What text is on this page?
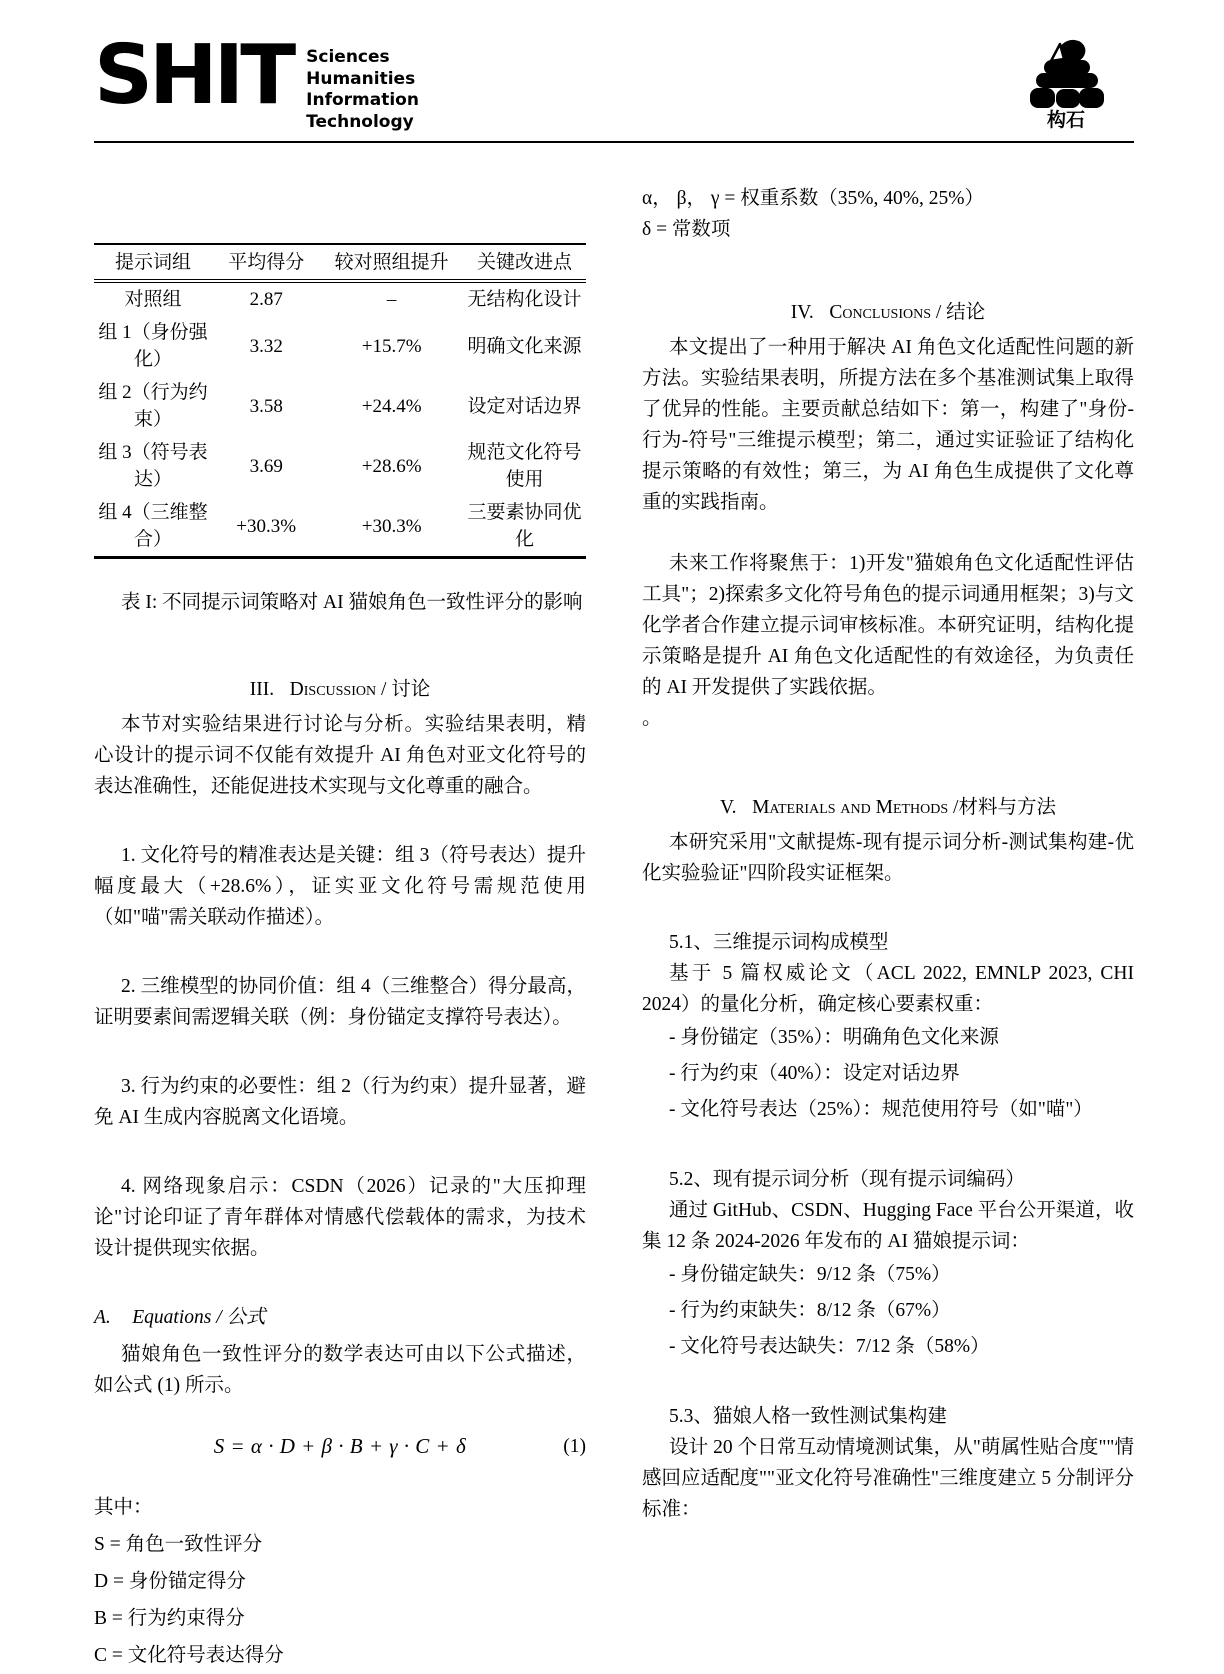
SHIT Sciences
Humanities
Information
Technology	构石
提示词组	平均得分	较对照组提升	关键改进点
对照组	2.87	–	无结构化设计
组 1（身份强化）	3.32	+15.7%	明确文化来源
组 2（行为约束）	3.58	+24.4%	设定对话边界
组 3（符号表达）	3.69	+28.6%	规范文化符号使用
组 4（三维整合）	+30.3%	+30.3%	三要素协同优化
表 I: 不同提示词策略对 AI 猫娘角色一致性评分的影响
III. Discussion / 讨论

本节对实验结果进行讨论与分析。实验结果表明，精心设计的提示词不仅能有效提升 AI 角色对亚文化符号的表达准确性，还能促进技术实现与文化尊重的融合。

1. 文化符号的精准表达是关键：组 3（符号表达）提升幅度最大（+28.6%），证实亚文化符号需规范使用（如"喵"需关联动作描述）。
2. 三维模型的协同价值：组 4（三维整合）得分最高，证明要素间需逻辑关联（例：身份锚定支撑符号表达）。
3. 行为约束的必要性：组 2（行为约束）提升显著，避免 AI 生成内容脱离文化语境。
4. 网络现象启示：CSDN（2026）记录的"大压抑理论"讨论印证了青年群体对情感代偿载体的需求，为技术设计提供现实依据。
A. Equations / 公式

猫娘角色一致性评分的数学表达可由以下公式描述，如公式 (1) 所示。

S = α · D + β · B + γ · C + δ	(1)
其中：
S = 角色一致性评分
D = 身份锚定得分
B = 行为约束得分
C = 文化符号表达得分
α， β， γ = 权重系数（35%, 40%, 25%）
δ = 常数项
IV. Conclusions / 结论

本文提出了一种用于解决 AI 角色文化适配性问题的新方法。实验结果表明，所提方法在多个基准测试集上取得了优异的性能。主要贡献总结如下：第一，构建了"身份-行为-符号"三维提示模型；第二，通过实证验证了结构化提示策略的有效性；第三，为 AI 角色生成提供了文化尊重的实践指南。

未来工作将聚焦于：1)开发"猫娘角色文化适配性评估工具"；2)探索多文化符号角色的提示词通用框架；3)与文化学者合作建立提示词审核标准。本研究证明，结构化提示策略是提升 AI 角色文化适配性的有效途径，为负责任的 AI 开发提供了实践依据。

。
V. Materials and Methods /材料与方法

本研究采用"文献提炼-现有提示词分析-测试集构建-优化实验验证"四阶段实证框架。

5.1、三维提示词构成模型

基于 5 篇权威论文（ACL 2022, EMNLP 2023, CHI 2024）的量化分析，确定核心要素权重：

- 身份锚定（35%）：明确角色文化来源
- 行为约束（40%）：设定对话边界
- 文化符号表达（25%）：规范使用符号（如"喵"）
5.2、现有提示词分析（现有提示词编码）

通过 GitHub、CSDN、Hugging Face 平台公开渠道，收集 12 条 2024-2026 年发布的 AI 猫娘提示词：

- 身份锚定缺失：9/12 条（75%）
- 行为约束缺失：8/12 条（67%）
- 文化符号表达缺失：7/12 条（58%）
5.3、猫娘人格一致性测试集构建

设计 20 个日常互动情境测试集，从"萌属性贴合度""情感回应适配度""亚文化符号准确性"三维度建立 5 分制评分标准：
